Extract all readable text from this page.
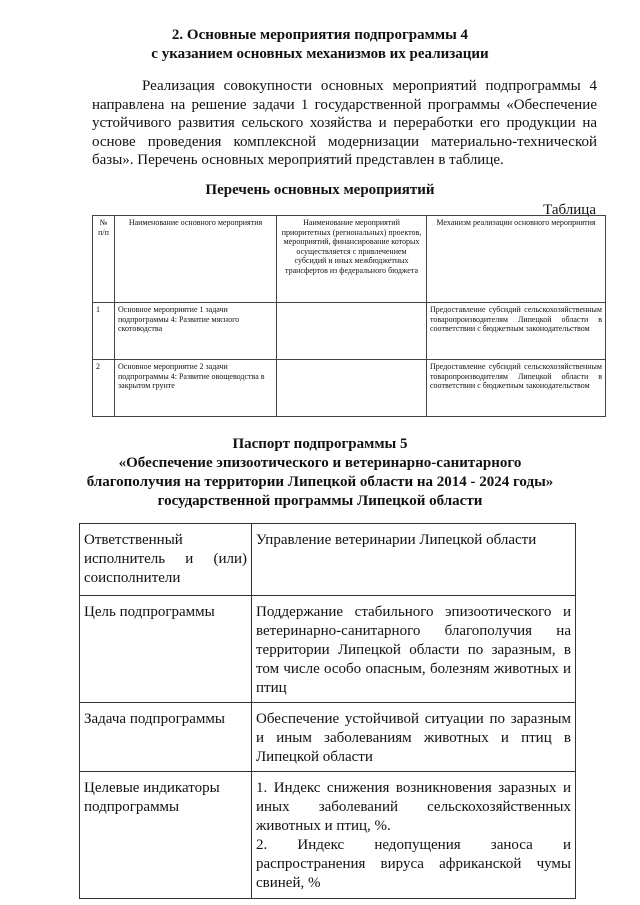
2. Основные мероприятия подпрограммы 4
с указанием основных механизмов их реализации
Реализация совокупности основных мероприятий подпрограммы 4 направлена на решение задачи 1 государственной программы «Обеспечение устойчивого развития сельского хозяйства и переработки его продукции на основе проведения комплексной модернизации материально-технической базы». Перечень основных мероприятий представлен в таблице.
Перечень основных мероприятий
Таблица
№ п/п	Наименование основного мероприятия	Наименование мероприятий приоритетных (региональных) проектов, мероприятий, финансирование которых осуществляется с привлечением субсидий и иных межбюджетных трансфертов из федерального бюджета	Механизм реализации основного мероприятия
1	Основное мероприятие 1 задачи подпрограммы 4: Развитие мясного скотоводства		Предоставление субсидий сельскохозяйственным товаропроизводителям Липецкой области в соответствии с бюджетным законодательством
2	Основное мероприятие 2 задачи подпрограммы 4: Развитие овощеводства в закрытом грунте		Предоставление субсидий сельскохозяйственным товаропроизводителям Липецкой области в соответствии с бюджетным законодательством
Паспорт подпрограммы 5
«Обеспечение эпизоотического и ветеринарно-санитарного
благополучия на территории Липецкой области на 2014 - 2024 годы»
государственной программы Липецкой области
Ответственный исполнитель и (или) соисполнители	Управление ветеринарии Липецкой области
Цель подпрограммы	Поддержание стабильного эпизоотического и ветеринарно-санитарного благополучия на территории Липецкой области по заразным, в том числе особо опасным, болезням животных и птиц
Задача подпрограммы	Обеспечение устойчивой ситуации по заразным и иным заболеваниям животных и птиц в Липецкой области
Целевые индикаторы подпрограммы	1. Индекс снижения возникновения заразных и иных заболеваний сельскохозяйственных животных и птиц, %.
2. Индекс недопущения заноса и распространения вируса африканской чумы свиней, %
